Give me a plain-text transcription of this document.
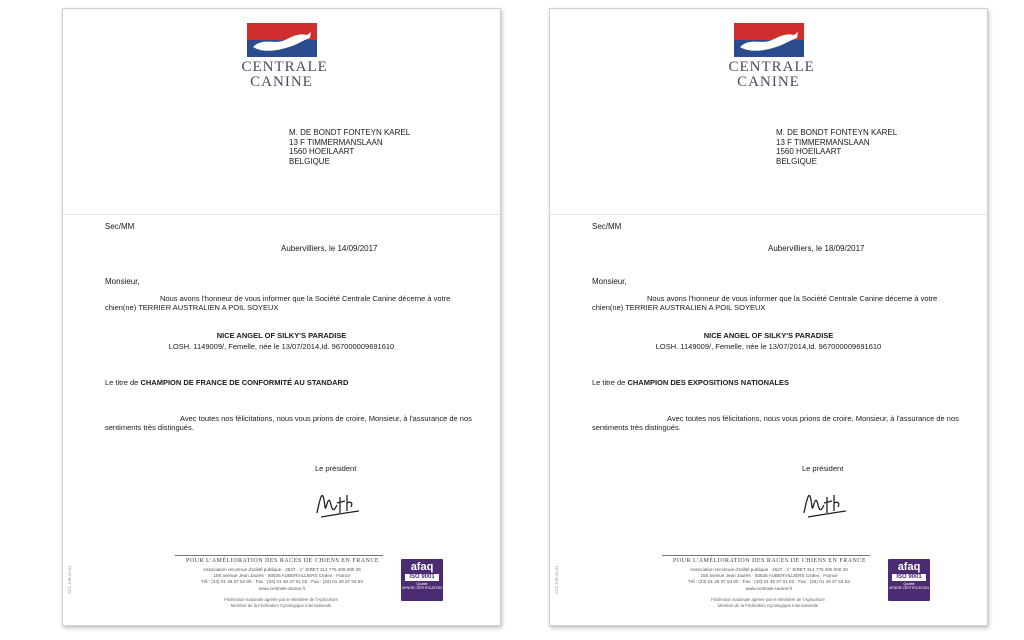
CENTRALE
CANINE
M. DE BONDT FONTEYN KAREL
13 F TIMMERMANSLAAN
1560 HOEILAART
BELGIQUE
Sec/MM
Aubervilliers, le 14/09/2017
Monsieur,
Nous avons l'honneur de vous informer que la Société Centrale Canine décerne à votre chien(ne) TERRIER AUSTRALIEN A POIL SOYEUX
NICE ANGEL OF SILKY'S PARADISE
LOSH. 1149009/, Femelle, née le 13/07/2014,Id. 967000009691610
Le titre de CHAMPION DE FRANCE DE CONFORMITÉ AU STANDARD
Avec toutes nos félicitations, nous vous prions de croire, Monsieur, à l'assurance de nos sentiments très distingués.
Le président
POUR L'AMÉLIORATION DES RACES DE CHIENS EN FRANCE
Association reconnue d'utilité publique · 2627 · n° SIRET 314 775 405 000 26
155 avenue Jean Jaurès · 93535 AUBERVILLIERS Cedex · France
Tél : (33) 01 49 37 54 00 · Fax : (33) 01 49 37 01 02 · Fax : (33) 01 49 37 53 53
www.centrale-canine.fr
Fédération nationale agréée par le Ministère de l'Agriculture
Membre de la Fédération Cynologique Internationale
afaq
ISO 9001
Qualité
AFNOR CERTIFICATION
SCC-DIR-23-01
CENTRALE
CANINE
M. DE BONDT FONTEYN KAREL
13 F TIMMERMANSLAAN
1560 HOEILAART
BELGIQUE
Sec/MM
Aubervilliers, le 18/09/2017
Monsieur,
Nous avons l'honneur de vous informer que la Société Centrale Canine décerne à votre chien(ne) TERRIER AUSTRALIEN A POIL SOYEUX
NICE ANGEL OF SILKY'S PARADISE
LOSH. 1149009/, Femelle, née le 13/07/2014,Id. 967000009691610
Le titre de CHAMPION DES EXPOSITIONS NATIONALES
Avec toutes nos félicitations, nous vous prions de croire, Monsieur, à l'assurance de nos sentiments très distingués.
Le président
POUR L'AMÉLIORATION DES RACES DE CHIENS EN FRANCE
Association reconnue d'utilité publique · 2627 · n° SIRET 314 775 405 000 26
155 avenue Jean Jaurès · 93535 AUBERVILLIERS Cedex · France
Tél : (33) 01 49 37 54 00 · Fax : (33) 01 49 37 01 02 · Fax : (33) 01 49 37 53 53
www.centrale-canine.fr
Fédération nationale agréée par le Ministère de l'Agriculture
Membre de la Fédération Cynologique Internationale
afaq
ISO 9001
Qualité
AFNOR CERTIFICATION
SCC-DIR-23-01
